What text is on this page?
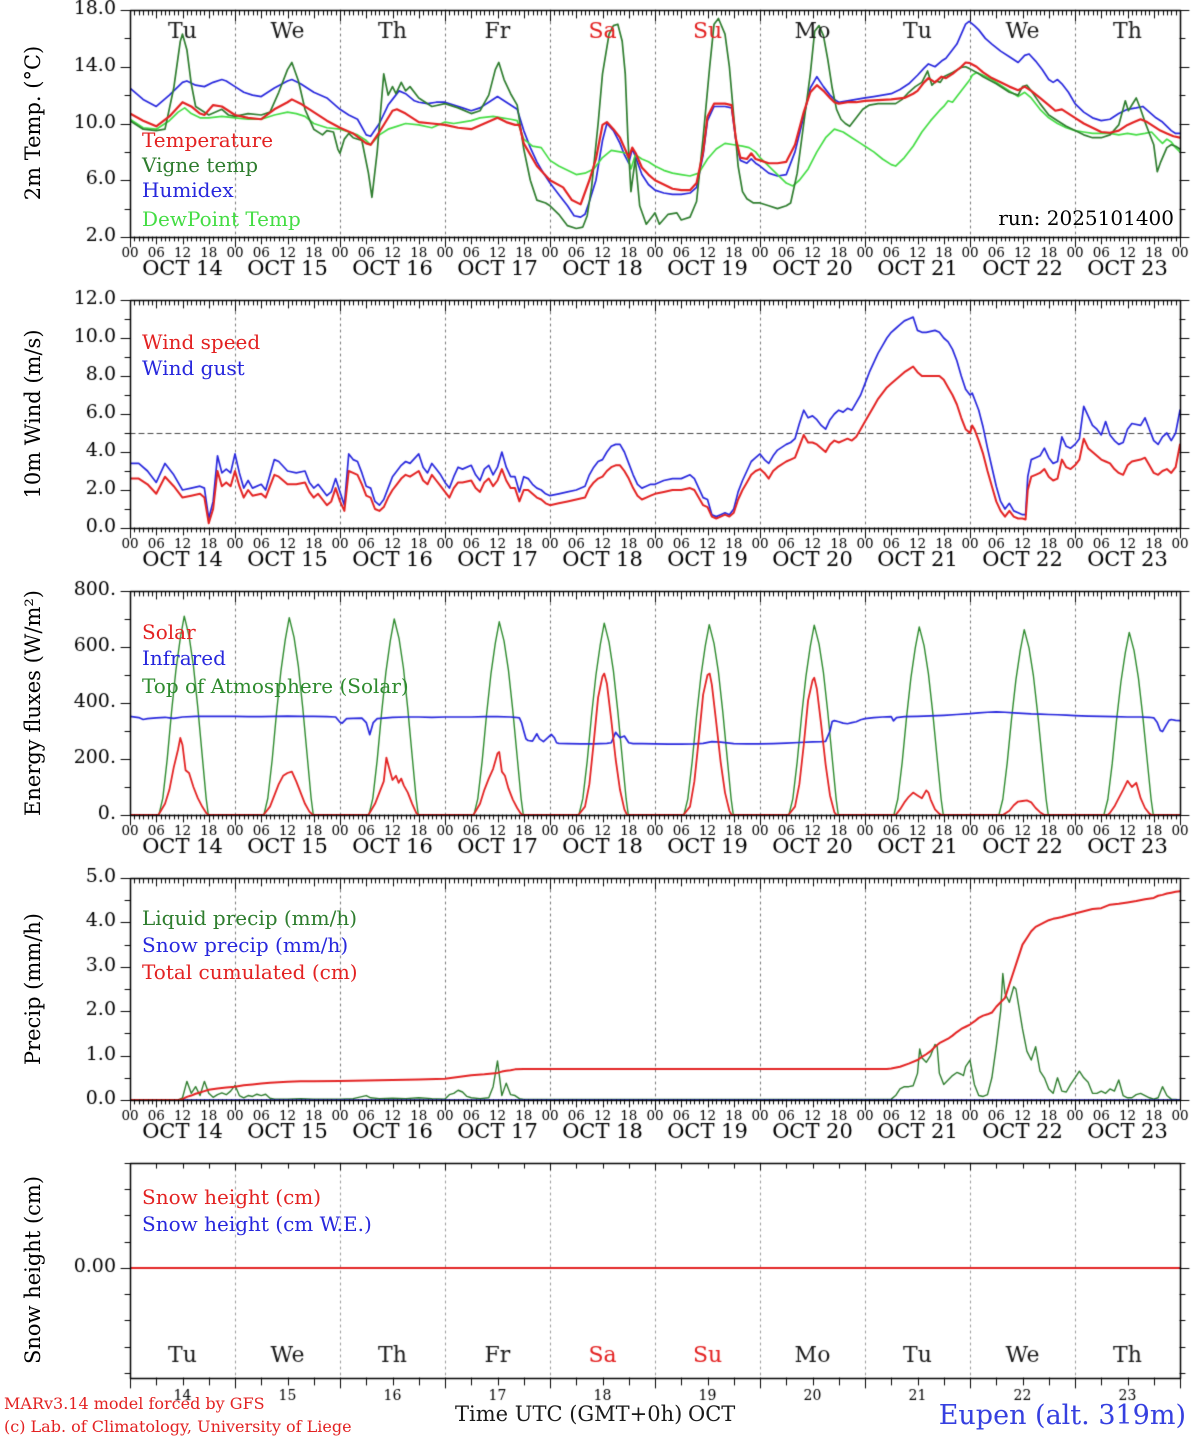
2m Temp. (°C)
10m Wind (m/s)
Energy fluxes (W/m²)
Precip (mm/h)
Snow height (cm)
Temperature
Vigne temp
Humidex
DewPoint Temp
Wind speed
Wind gust
Solar
Infrared
Top of Atmosphere (Solar)
Liquid precip (mm/h)
Snow precip (mm/h)
Total cumulated (cm)
Snow height (cm)
Snow height (cm W.E.)
run: 2025101400
MARv3.14 model forced by GFS
(c) Lab. of Climatology, University of Liege
Time UTC (GMT+0h) OCT	Eupen (alt. 319m)
